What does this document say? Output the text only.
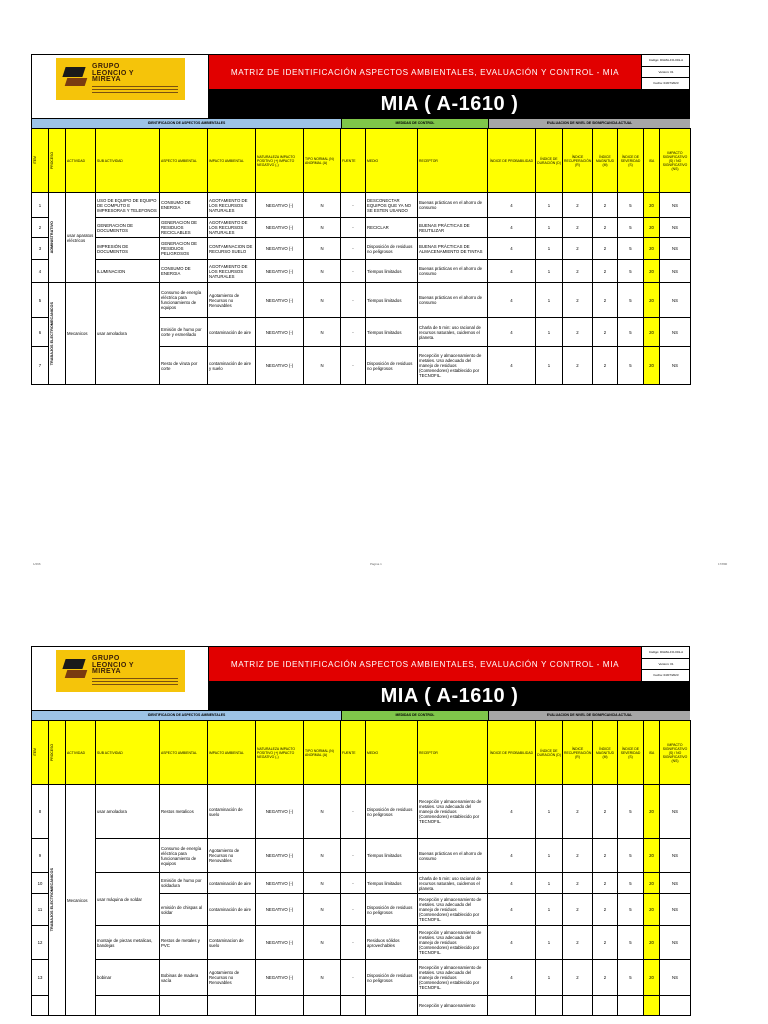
GRUPO
LEONCIO Y
MIREYA
MATRIZ DE IDENTIFICACIÓN ASPECTOS AMBIENTALES, EVALUACIÓN Y CONTROL - MIA
Código: DGMA-FO-001-A
Versión: 01
Fecha: 04/07/2023
MIA ( A-1610 )
IDENTIFICACION DE ASPECTOS AMBIENTALES	MEDIDAS DE CONTROL	EVALUACION DE NIVEL DE SIGNIFICANCIA ACTUAL
ITEM	PROCESO	ACTIVIDAD	SUB ACTIVIDAD	ASPECTO AMBIENTAL	IMPACTO AMBIENTAL	NATURALEZA IMPACTO POSITIVO (+) IMPACTO NEGATIVO (-)	TIPO NORMAL (N) ANORMAL (A)	FUENTE	MEDIO	RECEPTOR	ÍNDICE DE PROBABILIDAD	ÍNDICE DE DURACIÓN (D)	ÍNDICE RECUPERACIÓN (R)	ÍNDICE MAGNITUD (M)	ÍNDICE DE SEVERIDAD (S)	ISA	IMPACTO SIGNIFICATIVO (S) / NO SIGNIFICATIVO (NS)
1	ADMINISTRATIVO	usar aparatos eléctricos	USO DE EQUIPO DE EQUIPO DE COMPUTO E IMPRESORAS Y TELEFONOS	CONSUMO DE ENERGIA	AGOTAMIENTO DE LOS RECURSOS NATURALES	NEGATIVO (-)	N	-	DESCONECTAR EQUIPOS QUE YA NO SE ESTEN USANDO	Buenas prácticas en el ahorro de consumo	4	1	2	2	5	20	NS
2			GENERACION DE DOCUMENTOS	GENERACION DE RESIDUOS RECICLABLES	AGOTAMIENTO DE LOS RECURSOS NATURALES	NEGATIVO (-)	N	-	RECICLAR	BUENAS PRÁCTICAS DE REUTILIZAR	4	1	2	2	5	20	NS
3			IMPRESIÓN DE DOCUMENTOS	GENERACION DE RESIDUOS PELIGROSOS	CONTAMINACION DE RECURSO SUELO	NEGATIVO (-)	N	-	Disposición de residuos no peligrosos	BUENAS PRÁCTICAS DE ALMACENAMIENTO DE TINTAS	4	1	2	2	5	20	NS
4			ILUMINACION	CONSUMO DE ENERGIA	AGOTAMIENTO DE LOS RECURSOS NATURALES	NEGATIVO (-)	N	-	Tiempos limitados	Buenas prácticas en el ahorro de consumo	4	1	2	2	5	20	NS
5	TRABAJOS ELECTROMECANICOS	Mecanicos	usar amoladora	Consumo de energía eléctrica para funcionamiento de equipos	Agotamiento de Recursos no Renovables	NEGATIVO (-)	N	-	Tiempos limitados	Buenas prácticas en el ahorro de consumo	4	1	2	2	5	20	NS
6				Emisión de humo por corte y esmerilado	contaminación de aire	NEGATIVO (-)	N	-	Tiempos limitados	Charla de 5 min: uso racional de recursos naturales, cuidemos el planeta.	4	1	2	2	5	20	NS
7				Resto de viruta por corte	contaminación de aire y suelo	NEGATIVO (-)	N	-	Disposición de residuos no peligrosos	Recepción y almacenamiento de metales. Uso adecuado del manejo de residuos (Contenedores) establecido por TECNOFIL.	4	1	2	2	5	20	NS
1/296	Página 1	17/890
GRUPO
LEONCIO Y
MIREYA
MATRIZ DE IDENTIFICACIÓN ASPECTOS AMBIENTALES, EVALUACIÓN Y CONTROL - MIA
Código: DGMA-FO-001-A
Versión: 01
Fecha: 04/07/2023
MIA ( A-1610 )
IDENTIFICACION DE ASPECTOS AMBIENTALES	MEDIDAS DE CONTROL	EVALUACION DE NIVEL DE SIGNIFICANCIA ACTUAL
ITEM	PROCESO	ACTIVIDAD	SUB ACTIVIDAD	ASPECTO AMBIENTAL	IMPACTO AMBIENTAL	NATURALEZA IMPACTO POSITIVO (+) IMPACTO NEGATIVO (-)	TIPO NORMAL (N) ANORMAL (A)	FUENTE	MEDIO	RECEPTOR	ÍNDICE DE PROBABILIDAD	ÍNDICE DE DURACIÓN (D)	ÍNDICE RECUPERACIÓN (R)	ÍNDICE MAGNITUD (M)	ÍNDICE DE SEVERIDAD (S)	ISA	IMPACTO SIGNIFICATIVO (S) / NO SIGNIFICATIVO (NS)
8	TRABAJOS ELECTROMECANICOS	Mecanicos	usar amoladora	Restos metalicos	contaminación de suelo	NEGATIVO (-)	N	-	Disposición de residuos no peligrosos	Recepción y almacenamiento de metales. Uso adecuado del manejo de residuos (Contenedores) establecido por TECNOFIL.	4	1	2	2	5	20	NS
9				Consumo de energía eléctrica para funcionamiento de equipos	Agotamiento de Recursos no Renovables	NEGATIVO (-)	N	-	Tiempos limitados	Buenas prácticas en el ahorro de consumo	4	1	2	2	5	20	NS
10			usar máquina de soldar	Emisión de humo por soldadura	contaminación de aire	NEGATIVO (-)	N	-	Tiempos limitados	Charla de 5 min: uso racional de recursos naturales, cuidemos el planeta.	4	1	2	2	5	20	NS
11				emisión de chispas al soldar	contaminación de aire	NEGATIVO (-)	N	-	Disposición de residuos no peligrosos	Recepción y almacenamiento de metales. Uso adecuado del manejo de residuos (Contenedores) establecido por TECNOFIL.	4	1	2	2	5	20	NS
12			montaje de piezas metalicas, bandejas	Restos de metales y PVC	Contaminacion de suelo	NEGATIVO (-)	N	-	Residuos sólidos aprovechables	Recepción y almacenamiento de metales. Uso adecuado del manejo de residuos (Contenedores) establecido por TECNOFIL.	4	1	2	2	5	20	NS
13			bobinar	Bobinas de madera vacía	Agotamiento de Recursos no Renovables	NEGATIVO (-)	N	-	Disposición de residuos no peligrosos	Recepción y almacenamiento de metales. Uso adecuado del manejo de residuos (Contenedores) establecido por TECNOFIL.	4	1	2	2	5	20	NS
										Recepción y almacenamiento							
